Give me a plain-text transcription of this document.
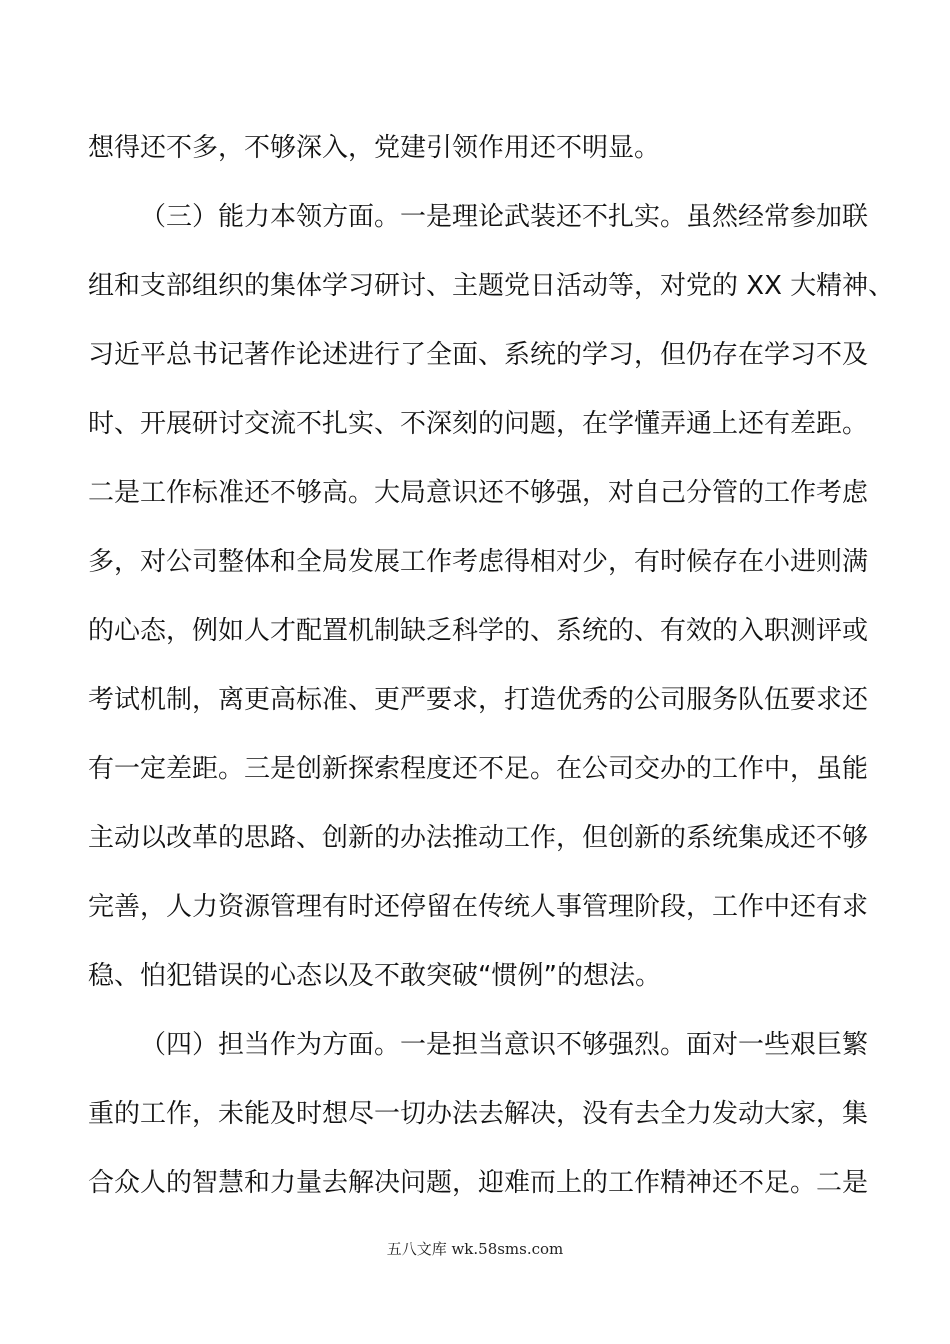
想得还不多，不够深入，党建引领作用还不明显。
（三）能力本领方面。一是理论武装还不扎实。虽然经常参加联
组和支部组织的集体学习研讨、主题党日活动等，对党的 XX 大精神、
习近平总书记著作论述进行了全面、系统的学习，但仍存在学习不及
时、开展研讨交流不扎实、不深刻的问题，在学懂弄通上还有差距。
二是工作标准还不够高。大局意识还不够强，对自己分管的工作考虑
多，对公司整体和全局发展工作考虑得相对少，有时候存在小进则满
的心态，例如人才配置机制缺乏科学的、系统的、有效的入职测评或
考试机制，离更高标准、更严要求，打造优秀的公司服务队伍要求还
有一定差距。三是创新探索程度还不足。在公司交办的工作中，虽能
主动以改革的思路、创新的办法推动工作，但创新的系统集成还不够
完善，人力资源管理有时还停留在传统人事管理阶段，工作中还有求
稳、怕犯错误的心态以及不敢突破“惯例”的想法。
（四）担当作为方面。一是担当意识不够强烈。面对一些艰巨繁
重的工作，未能及时想尽一切办法去解决，没有去全力发动大家，集
合众人的智慧和力量去解决问题，迎难而上的工作精神还不足。二是
五八文库 wk.58sms.com
